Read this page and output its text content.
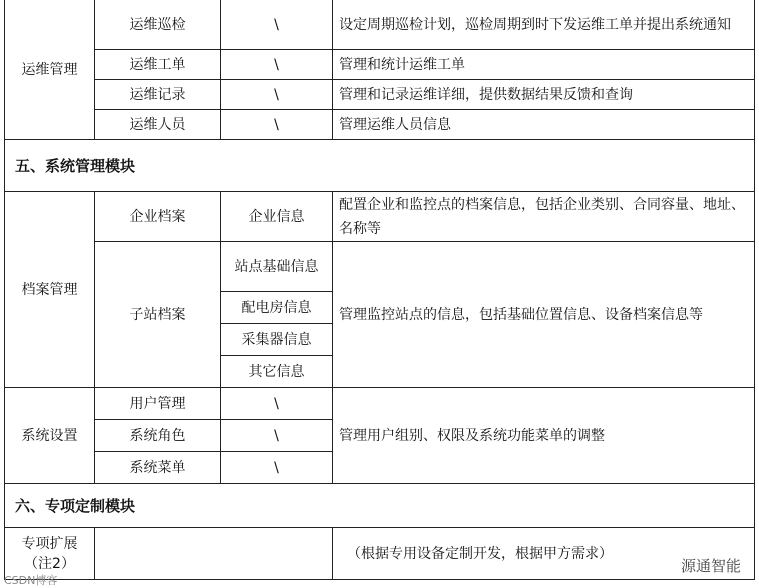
运维管理	运维巡检	\	设定周期巡检计划，巡检周期到时下发运维工单并提出系统通知
	运维工单	\	管理和统计运维工单
	运维记录	\	管理和记录运维详细，提供数据结果反馈和查询
	运维人员	\	管理运维人员信息
五、系统管理模块			
档案管理	企业档案	企业信息	配置企业和监控点的档案信息，包括企业类别、合同容量、地址、名称等
	子站档案	站点基础信息	管理监控站点的信息，包括基础位置信息、设备档案信息等
		配电房信息	
		采集器信息	
		其它信息	
系统设置	用户管理	\	管理用户组别、权限及系统功能菜单的调整
	系统角色	\	
	系统菜单	\	
六、专项定制模块			
专项扩展（注2）			（根据专用设备定制开发，根据甲方需求）
源通智能
CSDN博客
